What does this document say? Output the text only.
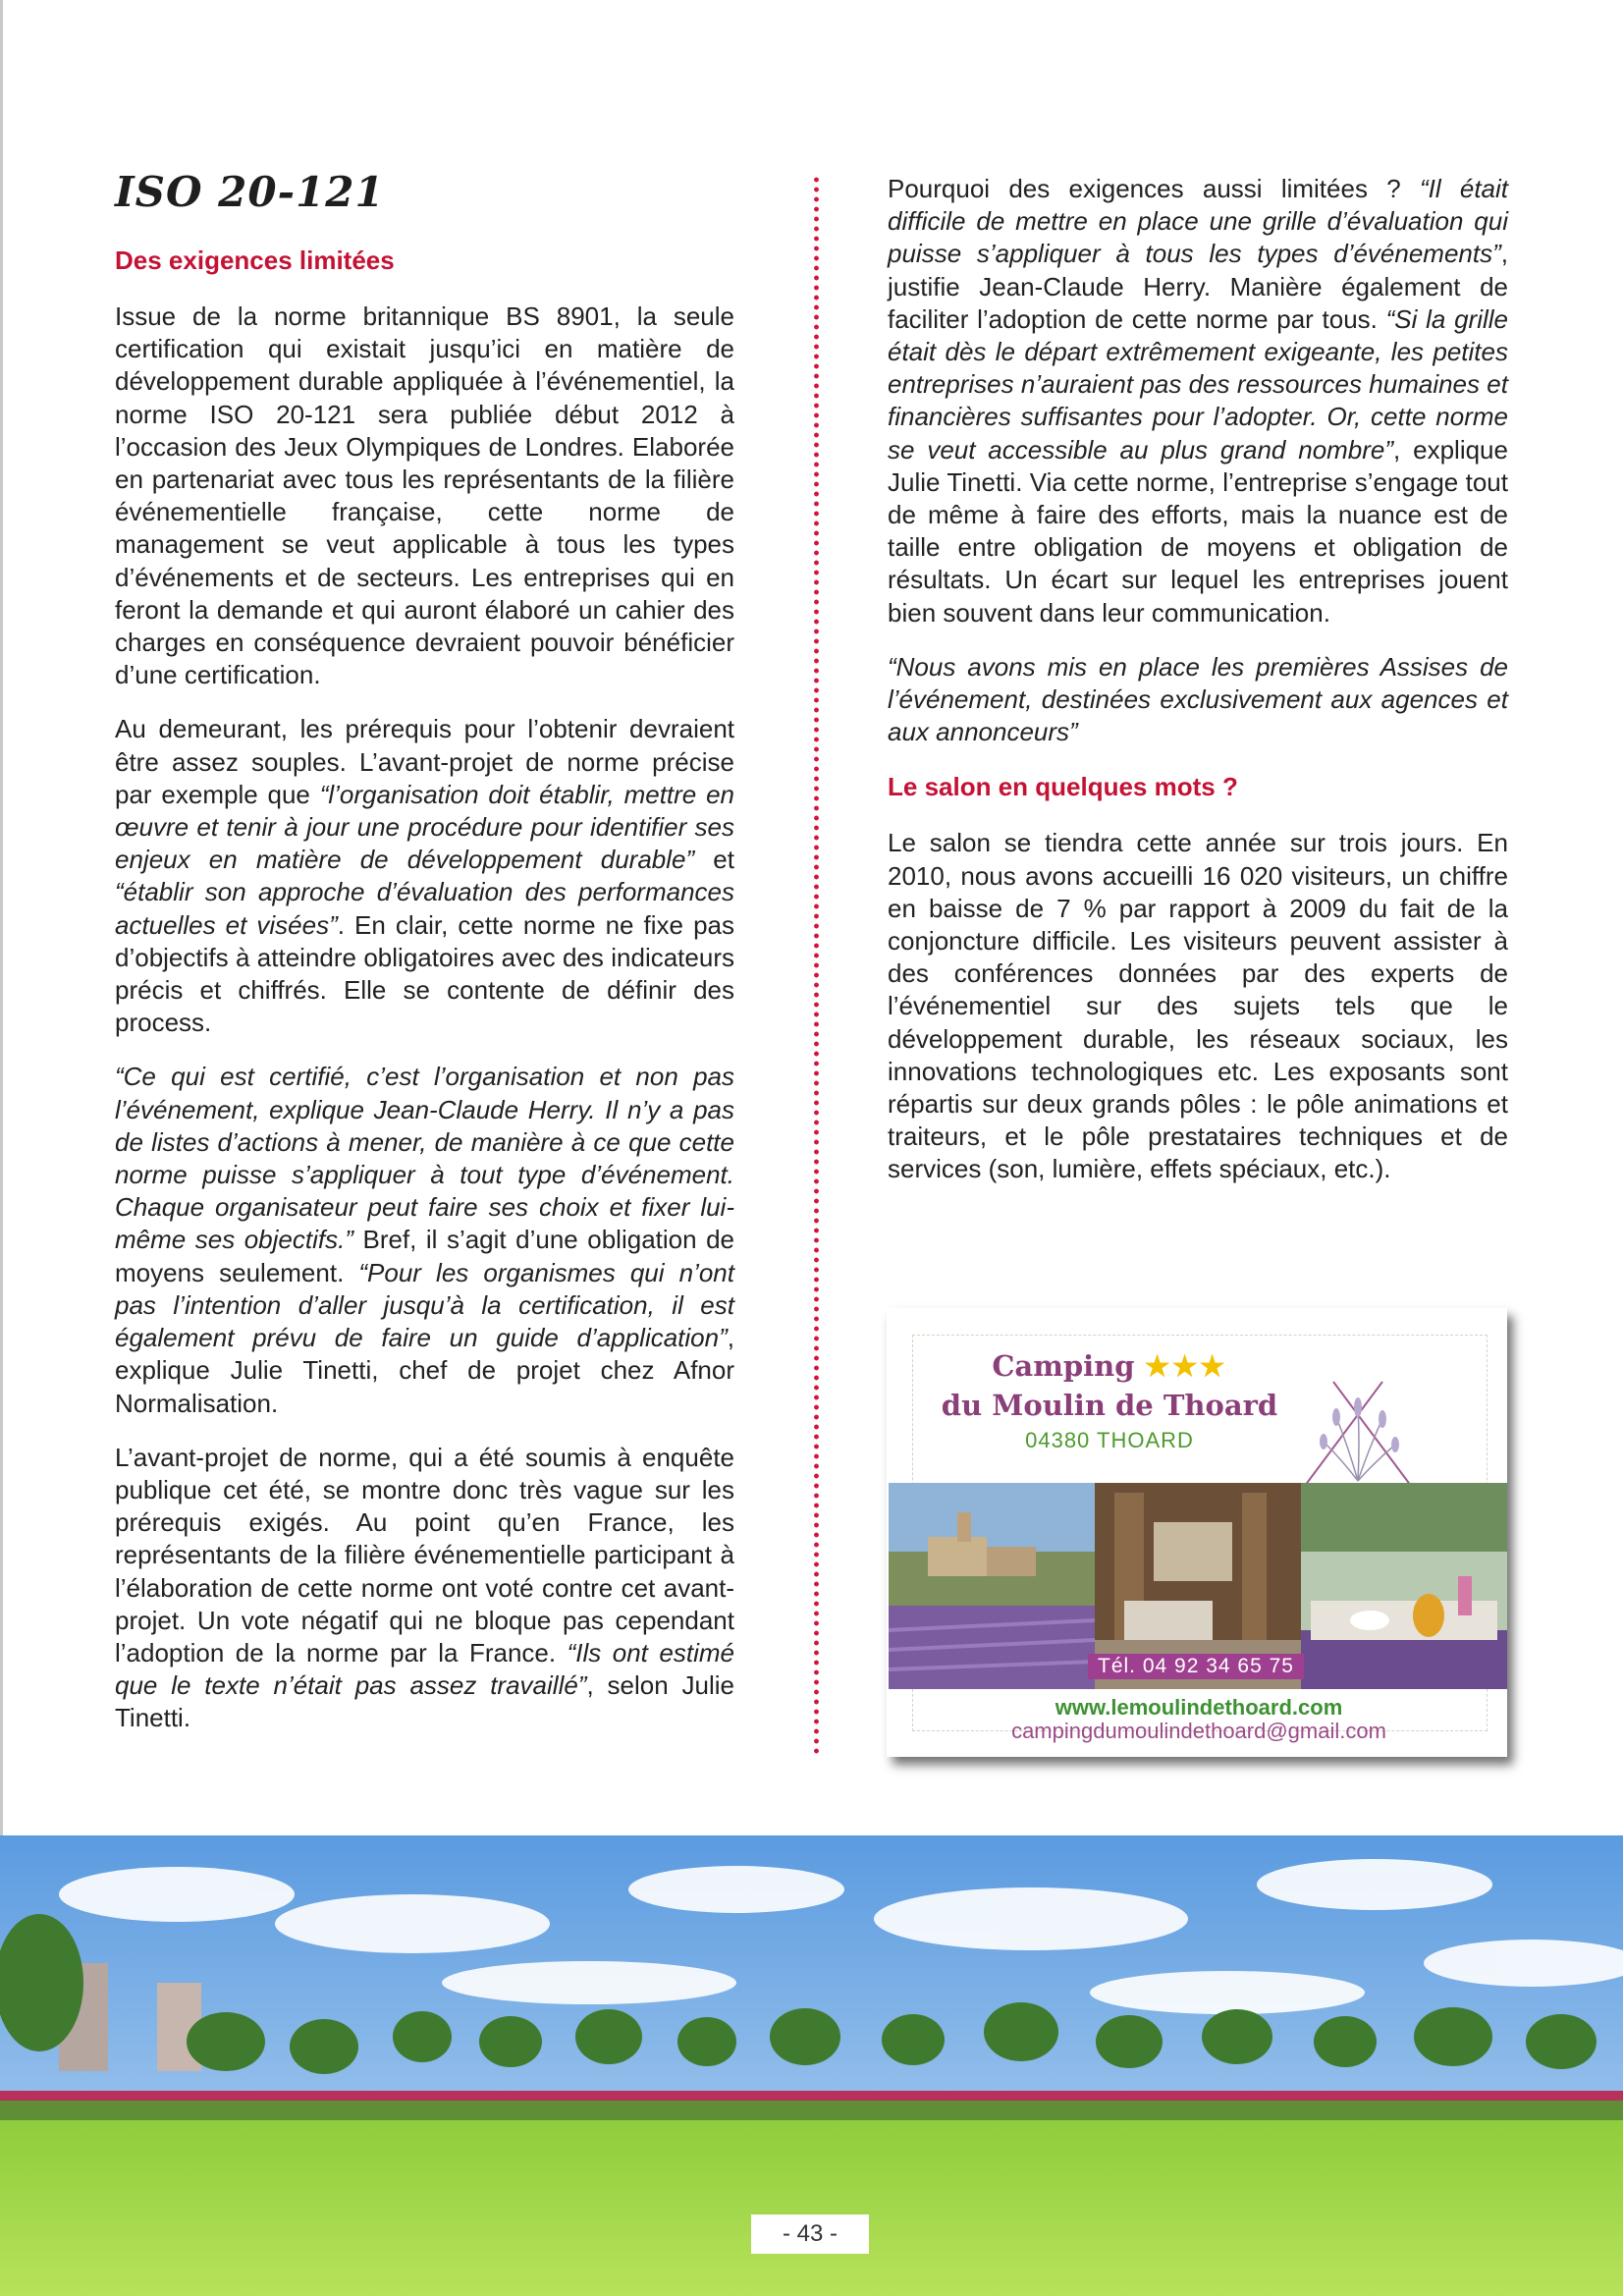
ISO 20-121
Des exigences limitées

Issue de la norme britannique BS 8901, la seule certification qui existait jusqu’ici en matière de développement durable appliquée à l’événementiel, la norme ISO 20-121 sera publiée début 2012 à l’occasion des Jeux Olympiques de Londres. Elaborée en partenariat avec tous les représentants de la filière événementielle française, cette norme de management se veut applicable à tous les types d’événements et de secteurs. Les entreprises qui en feront la demande et qui auront élaboré un cahier des charges en conséquence devraient pouvoir bénéficier d’une certification.

Au demeurant, les prérequis pour l’obtenir devraient être assez souples. L’avant-projet de norme précise par exemple que “l’organisation doit établir, mettre en œuvre et tenir à jour une procédure pour identifier ses enjeux en matière de développement durable” et “établir son approche d’évaluation des performances actuelles et visées”. En clair, cette norme ne fixe pas d’objectifs à atteindre obligatoires avec des indicateurs précis et chiffrés. Elle se contente de définir des process.

“Ce qui est certifié, c’est l’organisation et non pas l’événement, explique Jean-Claude Herry. Il n’y a pas de listes d’actions à mener, de manière à ce que cette norme puisse s’appliquer à tout type d’événement. Chaque organisateur peut faire ses choix et fixer lui-même ses objectifs.” Bref, il s’agit d’une obligation de moyens seulement. “Pour les organismes qui n’ont pas l’intention d’aller jusqu’à la certification, il est également prévu de faire un guide d’application”, explique Julie Tinetti, chef de projet chez Afnor Normalisation.

L’avant-projet de norme, qui a été soumis à enquête publique cet été, se montre donc très vague sur les prérequis exigés. Au point qu’en France, les représentants de la filière événementielle participant à l’élaboration de cette norme ont voté contre cet avant-projet. Un vote négatif qui ne bloque pas cependant l’adoption de la norme par la France. “Ils ont estimé que le texte n’était pas assez travaillé”, selon Julie Tinetti.

Pourquoi des exigences aussi limitées ? “Il était difficile de mettre en place une grille d’évaluation qui puisse s’appliquer à tous les types d’événements”, justifie Jean-Claude Herry. Manière également de faciliter l’adoption de cette norme par tous. “Si la grille était dès le départ extrêmement exigeante, les petites entreprises n’auraient pas des ressources humaines et financières suffisantes pour l’adopter. Or, cette norme se veut accessible au plus grand nombre”, explique Julie Tinetti. Via cette norme, l’entreprise s’engage tout de même à faire des efforts, mais la nuance est de taille entre obligation de moyens et obligation de résultats. Un écart sur lequel les entreprises jouent bien souvent dans leur communication.

“Nous avons mis en place les premières Assises de l’événement, destinées exclusivement aux agences et aux annonceurs”

Le salon en quelques mots ?

Le salon se tiendra cette année sur trois jours. En 2010, nous avons accueilli 16 020 visiteurs, un chiffre en baisse de 7 % par rapport à 2009 du fait de la conjoncture difficile. Les visiteurs peuvent assister à des conférences données par des experts de l’événementiel sur des sujets tels que le développement durable, les réseaux sociaux, les innovations technologiques etc. Les exposants sont répartis sur deux grands pôles : le pôle animations et traiteurs, et le pôle prestataires techniques et de services (son, lumière, effets spéciaux, etc.).

Camping ★★★
du Moulin de Thoard
04380 THOARD
Tél. 04 92 34 65 75
www.lemoulindethoard.com
campingdumoulindethoard@gmail.com
- 43 -
